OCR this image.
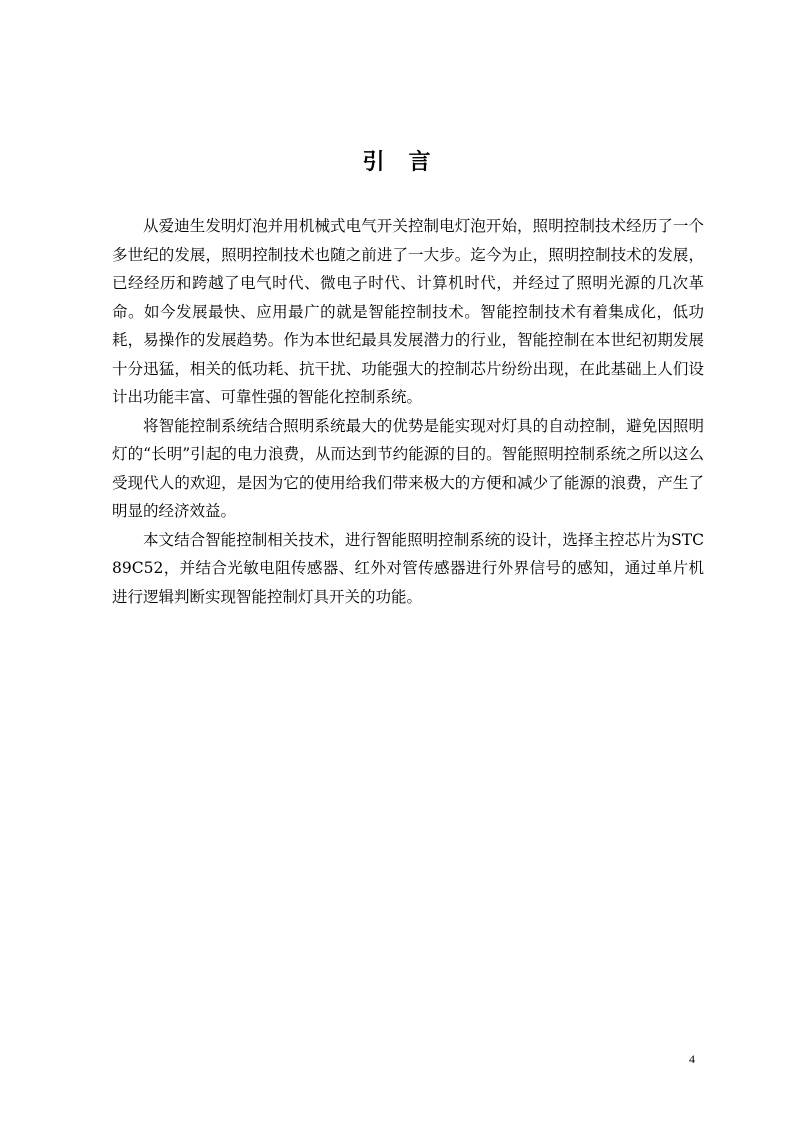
引言

从爱迪生发明灯泡并用机械式电气开关控制电灯泡开始，照明控制技术经历了一个多世纪的发展，照明控制技术也随之前进了一大步。迄今为止，照明控制技术的发展，已经经历和跨越了电气时代、微电子时代、计算机时代，并经过了照明光源的几次革命。如今发展最快、应用最广的就是智能控制技术。智能控制技术有着集成化，低功耗，易操作的发展趋势。作为本世纪最具发展潜力的行业，智能控制在本世纪初期发展十分迅猛，相关的低功耗、抗干扰、功能强大的控制芯片纷纷出现，在此基础上人们设计出功能丰富、可靠性强的智能化控制系统。

将智能控制系统结合照明系统最大的优势是能实现对灯具的自动控制，避免因照明灯的“长明”引起的电力浪费，从而达到节约能源的目的。智能照明控制系统之所以这么受现代人的欢迎，是因为它的使用给我们带来极大的方便和减少了能源的浪费，产生了明显的经济效益。

本文结合智能控制相关技术，进行智能照明控制系统的设计，选择主控芯片为STC89C52，并结合光敏电阻传感器、红外对管传感器进行外界信号的感知，通过单片机进行逻辑判断实现智能控制灯具开关的功能。

4
